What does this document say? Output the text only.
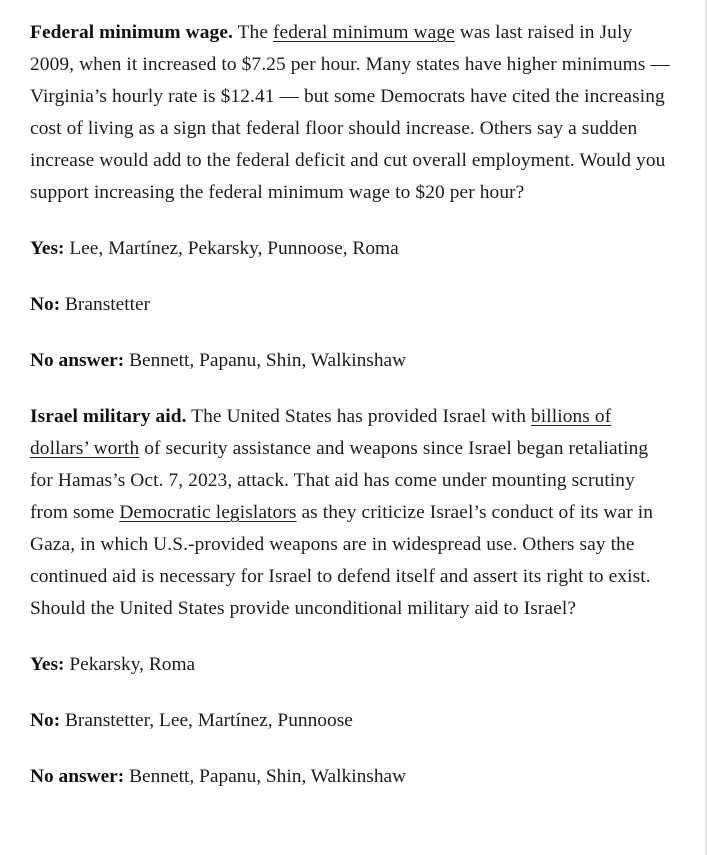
Federal minimum wage. The federal minimum wage was last raised in July 2009, when it increased to $7.25 per hour. Many states have higher minimums — Virginia’s hourly rate is $12.41 — but some Democrats have cited the increasing cost of living as a sign that federal floor should increase. Others say a sudden increase would add to the federal deficit and cut overall employment. Would you support increasing the federal minimum wage to $20 per hour?

Yes: Lee, Martínez, Pekarsky, Punnoose, Roma

No: Branstetter

No answer: Bennett, Papanu, Shin, Walkinshaw

Israel military aid. The United States has provided Israel with billions of dollars’ worth of security assistance and weapons since Israel began retaliating for Hamas’s Oct. 7, 2023, attack. That aid has come under mounting scrutiny from some Democratic legislators as they criticize Israel’s conduct of its war in Gaza, in which U.S.-provided weapons are in widespread use. Others say the continued aid is necessary for Israel to defend itself and assert its right to exist. Should the United States provide unconditional military aid to Israel?

Yes: Pekarsky, Roma

No: Branstetter, Lee, Martínez, Punnoose

No answer: Bennett, Papanu, Shin, Walkinshaw
